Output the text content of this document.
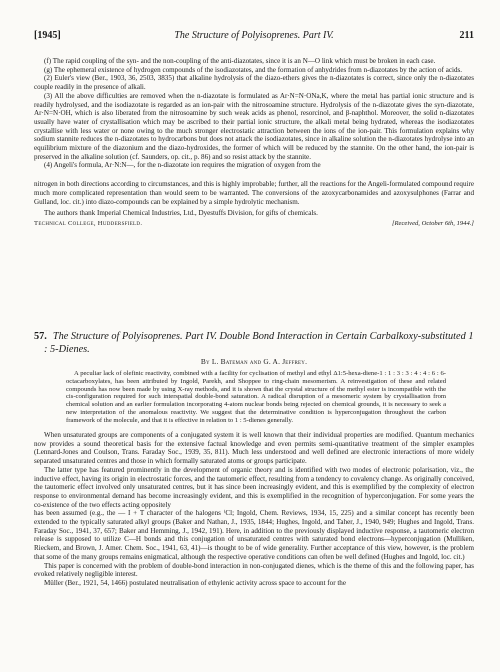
[1945]	The Structure of Polyisoprenes. Part IV.	211

(f) The rapid coupling of the syn- and the non-coupling of the anti-diazotates, since it is an N—O link which must be broken in each case.

(g) The ephemeral existence of hydrogen compounds of the isodiazotates, and the formation of anhydrides from n-diazotates by the action of acids.

(2) Euler's view (Ber., 1903, 36, 2503, 3835) that alkaline hydrolysis of the diazo-ethers gives the n-diazotates is correct, since only the n-diazotates couple readily in the presence of alkali.

(3) All the above difficulties are removed when the n-diazotate is formulated as Ar·N=N·ONa,K, where the metal has partial ionic structure and is readily hydrolysed, and the isodiazotate is regarded as an ion-pair with the nitrosoamine structure. Hydrolysis of the n-diazotate gives the syn-diazotate, Ar·N=N·OH, which is also liberated from the nitrosoamine by such weak acids as phenol, resorcinol, and β-naphthol. Moreover, the solid n-diazotates usually have water of crystallisation which may be ascribed to their partial ionic structure, the alkali metal being hydrated, whereas the isodiazotates crystallise with less water or none owing to the much stronger electrostatic attraction between the ions of the ion-pair. This formulation explains why sodium stannite reduces the n-diazotates to hydrocarbons but does not attack the isodiazotates, since in alkaline solution the n-diazotates hydrolyse into an equilibrium mixture of the diazonium and the diazo-hydroxides, the former of which will be reduced by the stannite. On the other hand, the ion-pair is preserved in the alkaline solution (cf. Saunders, op. cit., p. 86) and so resist attack by the stannite.

(4) Angeli's formula, Ar·N:N—, for the n-diazotate ion requires the migration of oxygen from the

nitrogen in both directions according to circumstances, and this is highly improbable; further, all the reactions for the Angeli-formulated compound require much more complicated representation than would seem to be warranted. The conversions of the azoxycarbonamides and azoxysulphones (Farrar and Gulland, loc. cit.) into diazo-compounds can be explained by a simple hydrolytic mechanism.

The authors thank Imperial Chemical Industries, Ltd., Dyestuffs Division, for gifts of chemicals.

Technical College, Huddersfield.	[Received, October 6th, 1944.]
57. The Structure of Polyisoprenes. Part IV. Double Bond Interaction in Certain Carbalkoxy-substituted 1 : 5-Dienes.
By L. Bateman and G. A. Jeffrey.

A peculiar lack of olefinic reactivity, combined with a facility for cyclisation of methyl and ethyl Δ1:5-hexa-diene-1 : 1 : 3 : 3 : 4 : 4 : 6 : 6-octacarboxylates, has been attributed by Ingold, Parekh, and Shoppee to ring-chain mesomerism. A reinvestigation of these and related compounds has now been made by using X-ray methods, and it is shown that the crystal structure of the methyl ester is incompatible with the cis-configuration required for such interspatial double-bond saturation. A radical disruption of a mesomeric system by crystallisation from chemical solution and an earlier formulation incorporating 4-atom nuclear bonds being rejected on chemical grounds, it is necessary to seek a new interpretation of the anomalous reactivity. We suggest that the determinative condition is hyperconjugation throughout the carbon framework of the molecule, and that it is effective in relation to 1 : 5-dienes generally.

When unsaturated groups are components of a conjugated system it is well known that their individual properties are modified. Quantum mechanics now provides a sound theoretical basis for the extensive factual knowledge and even permits semi-quantitative treatment of the simpler examples (Lennard-Jones and Coulson, Trans. Faraday Soc., 1939, 35, 811). Much less understood and well defined are electronic interactions of more widely separated unsaturated centres and those in which formally saturated atoms or groups participate.

The latter type has featured prominently in the development of organic theory and is identified with two modes of electronic polarisation, viz., the inductive effect, having its origin in electrostatic forces, and the tautomeric effect, resulting from a tendency to covalency change. As originally conceived, the tautomeric effect involved only unsaturated centres, but it has since been increasingly evident, and this is exemplified by the complexity of electron response to environmental demand has become increasingly evident, and this is exemplified in the recognition of hyperconjugation. For some years the co-existence of the two effects acting oppositely

has been assumed (e.g., the — I + T character of the halogens ⁽Cl; Ingold, Chem. Reviews, 1934, 15, 225) and a similar concept has recently been extended to the typically saturated alkyl groups (Baker and Nathan, J., 1935, 1844; Hughes, Ingold, and Taher, J., 1940, 949; Hughes and Ingold, Trans. Faraday Soc., 1941, 37, 657; Baker and Hemming, J., 1942, 191). Here, in addition to the previously displayed inductive response, a tautomeric electron release is supposed to utilize C—H bonds and this conjugation of unsaturated centres with saturated bond electrons—hyperconjugation (Mulliken, Rieckem, and Brown, J. Amer. Chem. Soc., 1941, 63, 41)—is thought to be of wide generality. Further acceptance of this view, however, is the problem that some of the many groups remains enigmatical, although the respective operative conditions can often be well defined (Hughes and Ingold, loc. cit.)

This paper is concerned with the problem of double-bond interaction in non-conjugated dienes, which is the theme of this and the following paper, has evoked relatively negligible interest.

Müller (Ber., 1921, 54, 1466) postulated neutralisation of ethylenic activity across space to account for the
